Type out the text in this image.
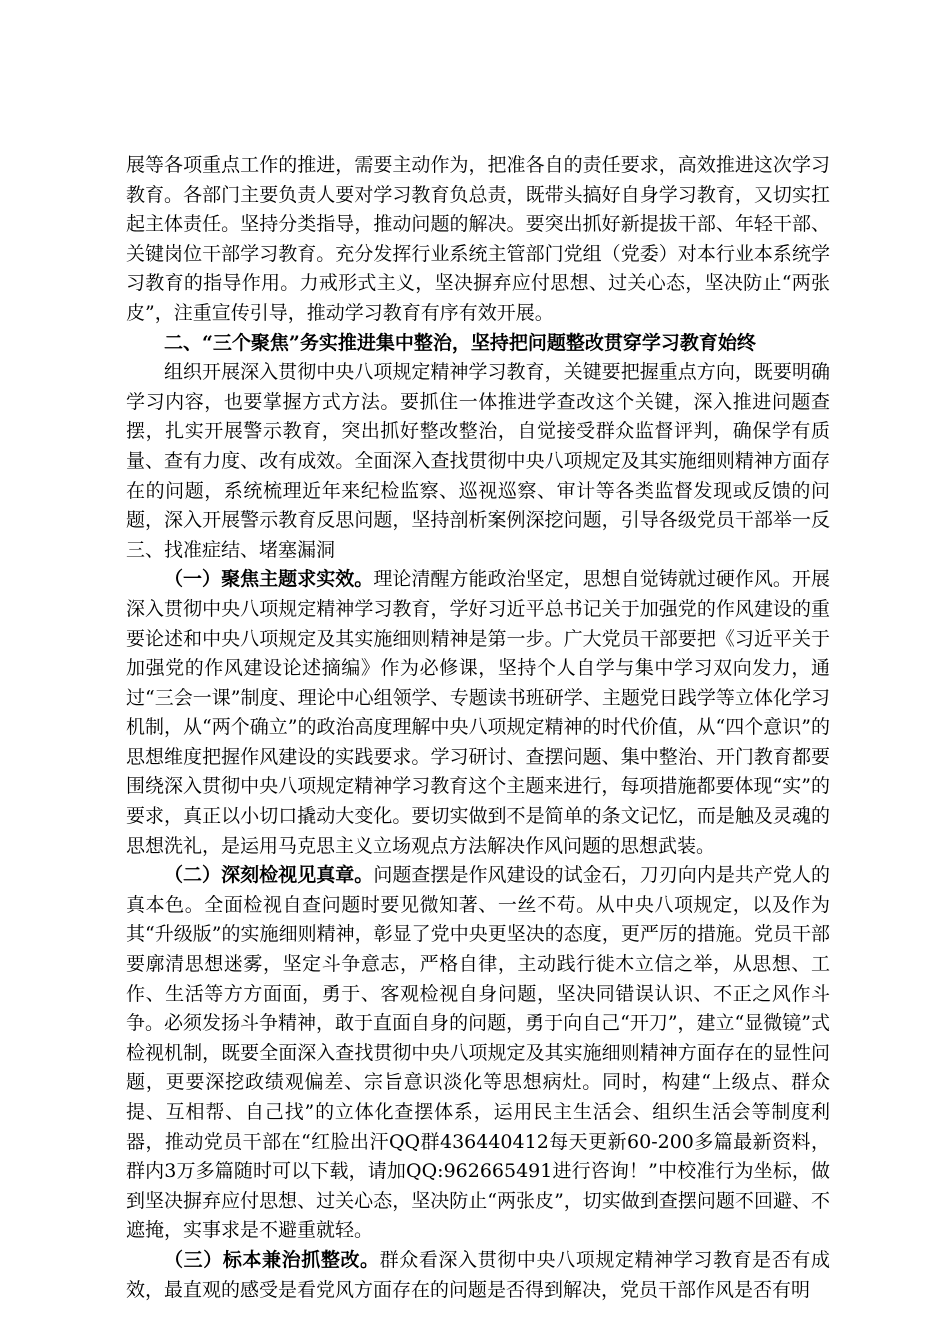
展等各项重点工作的推进，需要主动作为，把准各自的责任要求，高效推进这次学习教育。各部门主要负责人要对学习教育负总责，既带头搞好自身学习教育，又切实扛起主体责任。坚持分类指导，推动问题的解决。要突出抓好新提拔干部、年轻干部、关键岗位干部学习教育。充分发挥行业系统主管部门党组（党委）对本行业本系统学习教育的指导作用。力戒形式主义，坚决摒弃应付思想、过关心态，坚决防止“两张皮”，注重宣传引导，推动学习教育有序有效开展。

二、“三个聚焦”务实推进集中整治，坚持把问题整改贯穿学习教育始终

组织开展深入贯彻中央八项规定精神学习教育，关键要把握重点方向，既要明确学习内容，也要掌握方式方法。要抓住一体推进学查改这个关键，深入推进问题查摆，扎实开展警示教育，突出抓好整改整治，自觉接受群众监督评判，确保学有质量、查有力度、改有成效。全面深入查找贯彻中央八项规定及其实施细则精神方面存在的问题，系统梳理近年来纪检监察、巡视巡察、审计等各类监督发现或反馈的问题，深入开展警示教育反思问题，坚持剖析案例深挖问题，引导各级党员干部举一反三、找准症结、堵塞漏洞

（一）聚焦主题求实效。理论清醒方能政治坚定，思想自觉铸就过硬作风。开展深入贯彻中央八项规定精神学习教育，学好习近平总书记关于加强党的作风建设的重要论述和中央八项规定及其实施细则精神是第一步。广大党员干部要把《习近平关于加强党的作风建设论述摘编》作为必修课，坚持个人自学与集中学习双向发力，通过“三会一课”制度、理论中心组领学、专题读书班研学、主题党日践学等立体化学习机制，从“两个确立”的政治高度理解中央八项规定精神的时代价值，从“四个意识”的思想维度把握作风建设的实践要求。学习研讨、查摆问题、集中整治、开门教育都要围绕深入贯彻中央八项规定精神学习教育这个主题来进行，每项措施都要体现“实”的要求，真正以小切口撬动大变化。要切实做到不是简单的条文记忆，而是触及灵魂的思想洗礼，是运用马克思主义立场观点方法解决作风问题的思想武装。

（二）深刻检视见真章。问题查摆是作风建设的试金石，刀刃向内是共产党人的真本色。全面检视自查问题时要见微知著、一丝不苟。从中央八项规定，以及作为其“升级版”的实施细则精神，彰显了党中央更坚决的态度，更严厉的措施。党员干部要廓清思想迷雾，坚定斗争意志，严格自律，主动践行徙木立信之举，从思想、工作、生活等方方面面，勇于、客观检视自身问题，坚决同错误认识、不正之风作斗争。必须发扬斗争精神，敢于直面自身的问题，勇于向自己“开刀”，建立“显微镜”式检视机制，既要全面深入查找贯彻中央八项规定及其实施细则精神方面存在的显性问题，更要深挖政绩观偏差、宗旨意识淡化等思想病灶。同时，构建“上级点、群众提、互相帮、自己找”的立体化查摆体系，运用民主生活会、组织生活会等制度利器，推动党员干部在“红脸出汗QQ群436440412每天更新60-200多篇最新资料，群内3万多篇随时可以下载，请加QQ:962665491进行咨询！”中校准行为坐标，做到坚决摒弃应付思想、过关心态，坚决防止“两张皮”，切实做到查摆问题不回避、不遮掩，实事求是不避重就轻。

（三）标本兼治抓整改。群众看深入贯彻中央八项规定精神学习教育是否有成效，最直观的感受是看党风方面存在的问题是否得到解决，党员干部作风是否有明
